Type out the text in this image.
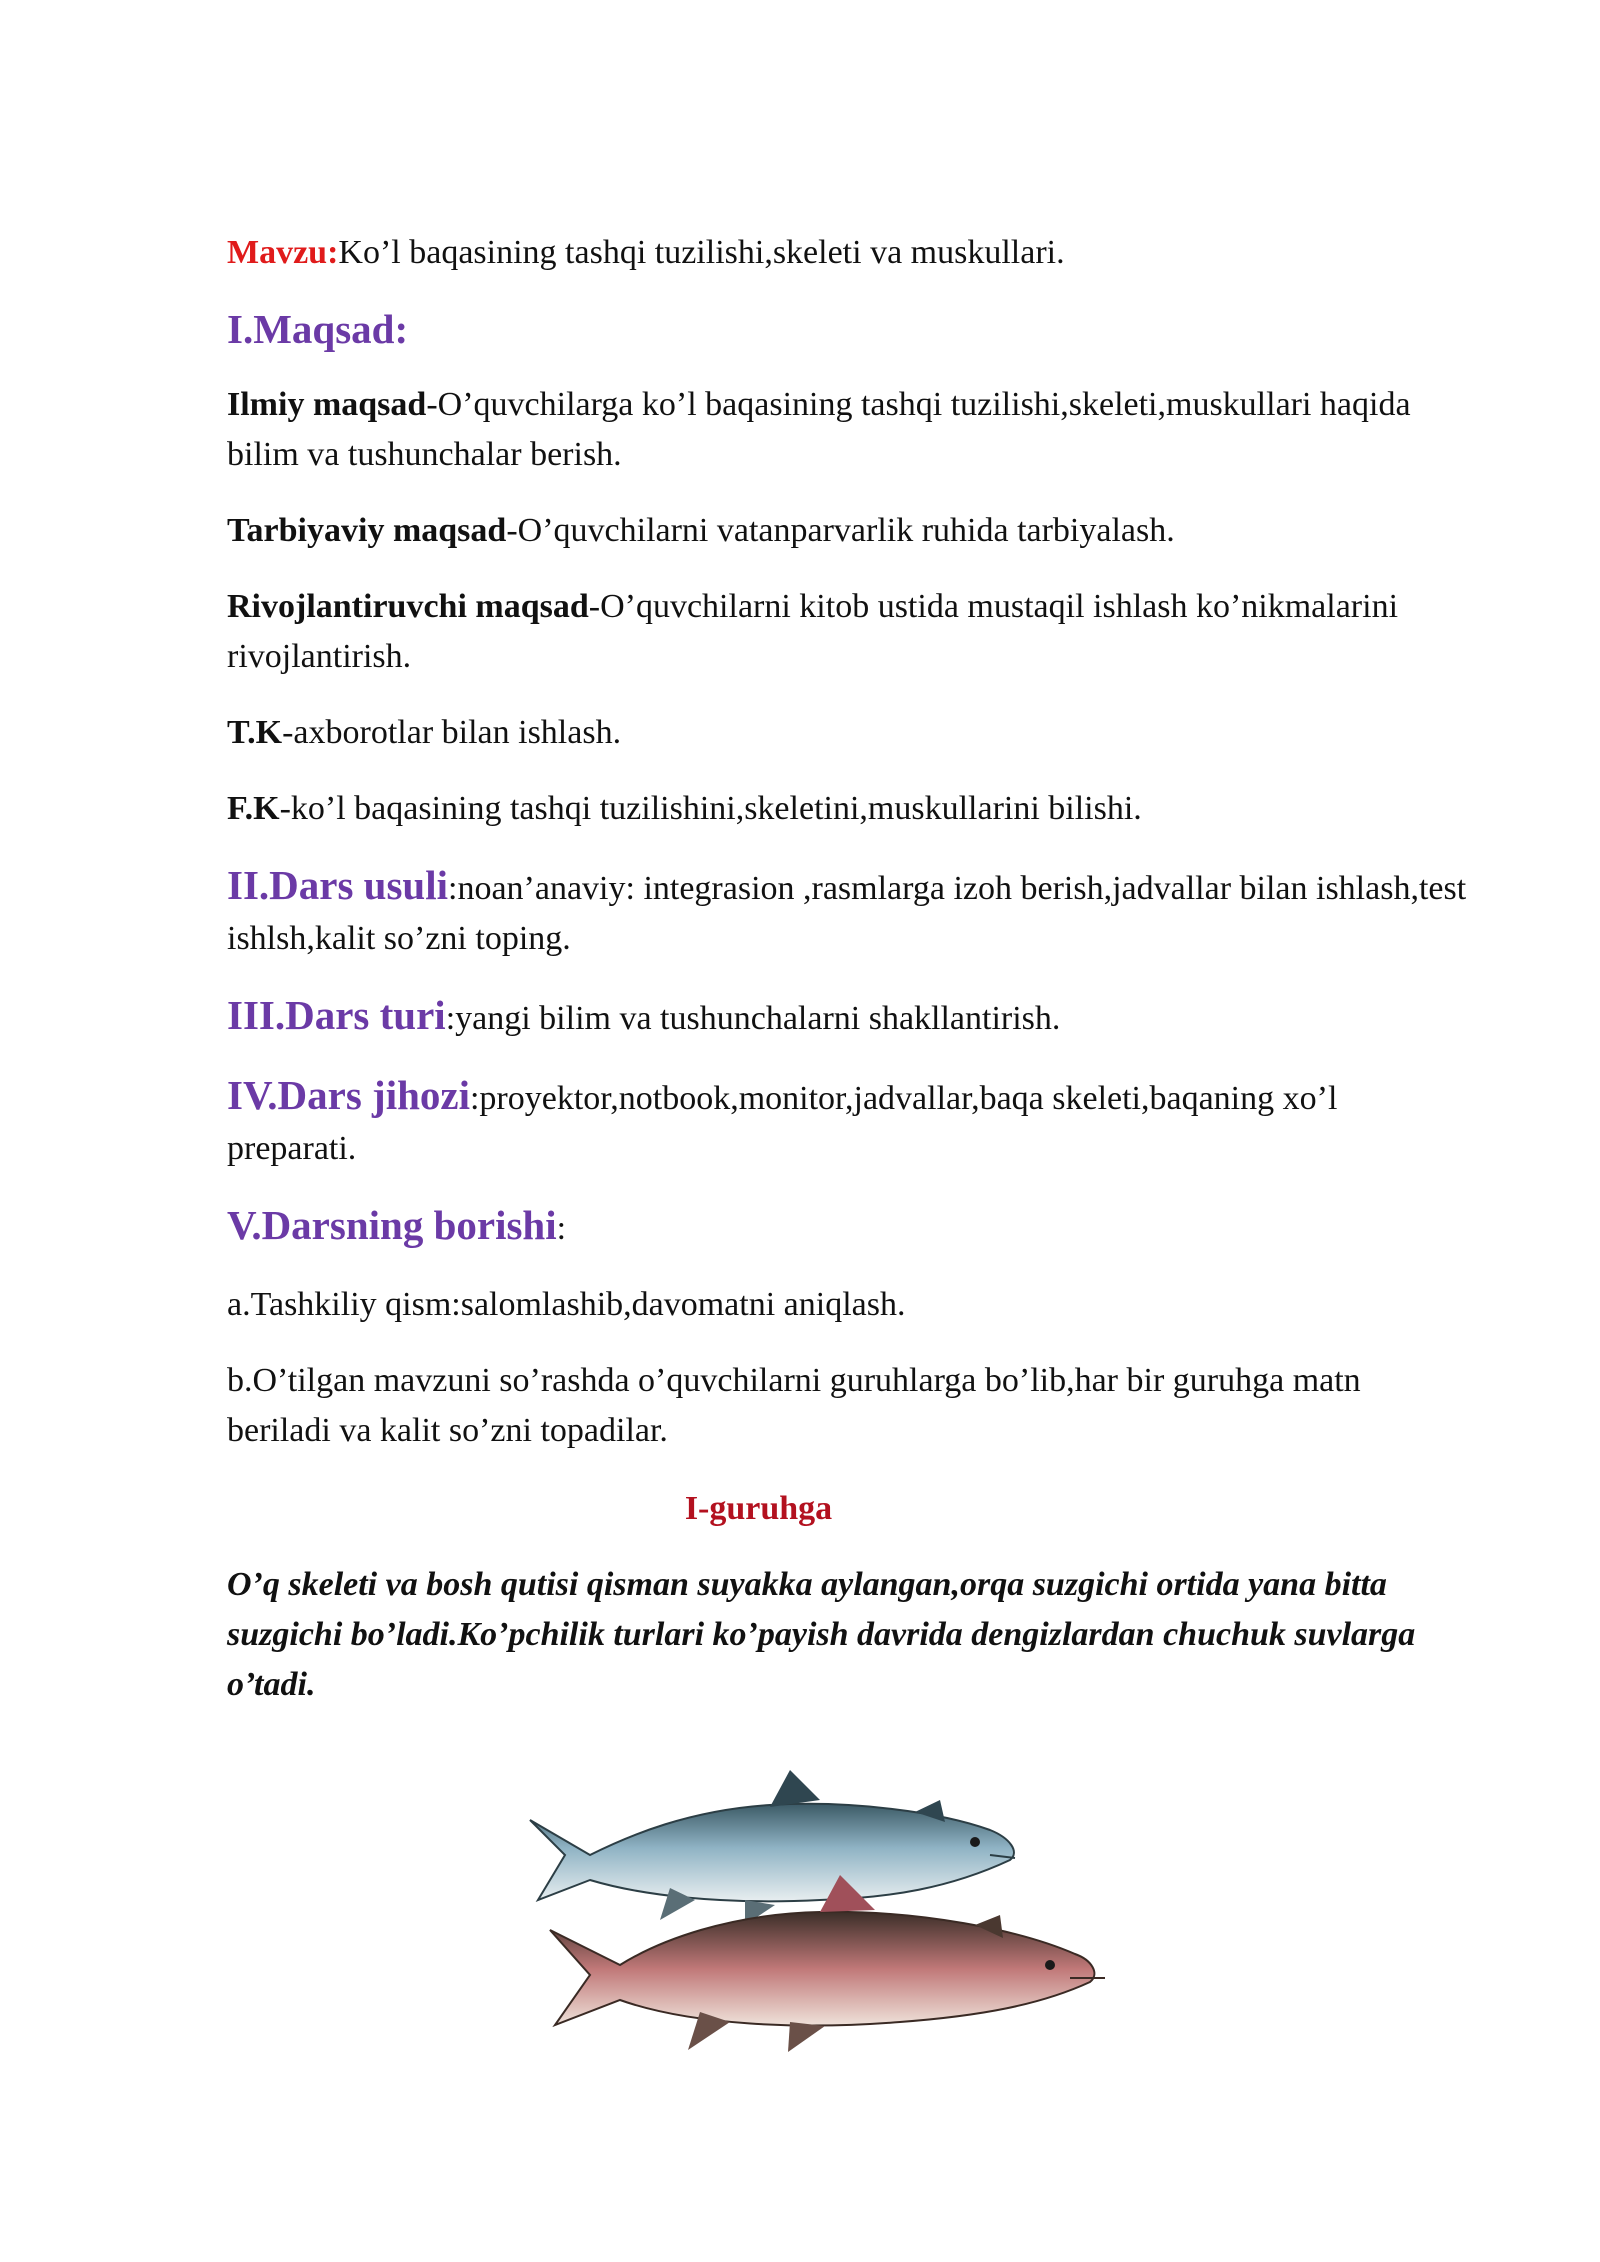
Mavzu:Ko’l baqasining tashqi tuzilishi,skeleti va muskullari.

I.Maqsad:

Ilmiy maqsad-O’quvchilarga ko’l baqasining tashqi tuzilishi,skeleti,muskullari haqida bilim va tushunchalar berish.

Tarbiyaviy maqsad-O’quvchilarni vatanparvarlik ruhida tarbiyalash.

Rivojlantiruvchi maqsad-O’quvchilarni kitob ustida mustaqil ishlash ko’nikmalarini rivojlantirish.

T.K-axborotlar bilan ishlash.

F.K-ko’l baqasining tashqi tuzilishini,skeletini,muskullarini bilishi.

II.Dars usuli:noan’anaviy: integrasion ,rasmlarga izoh berish,jadvallar bilan ishlash,test ishlsh,kalit so’zni toping.

III.Dars turi:yangi bilim va tushunchalarni shakllantirish.

IV.Dars jihozi:proyektor,notbook,monitor,jadvallar,baqa skeleti,baqaning xo’l preparati.

V.Darsning borishi:

a.Tashkiliy qism:salomlashib,davomatni aniqlash.

b.O’tilgan mavzuni so’rashda o’quvchilarni guruhlarga bo’lib,har bir guruhga matn beriladi va kalit so’zni topadilar.

I-guruhga

O’q skeleti va bosh qutisi qisman suyakka aylangan,orqa suzgichi ortida yana bitta suzgichi bo’ladi.Ko’pchilik turlari ko’payish davrida dengizlardan chuchuk suvlarga o’tadi.
